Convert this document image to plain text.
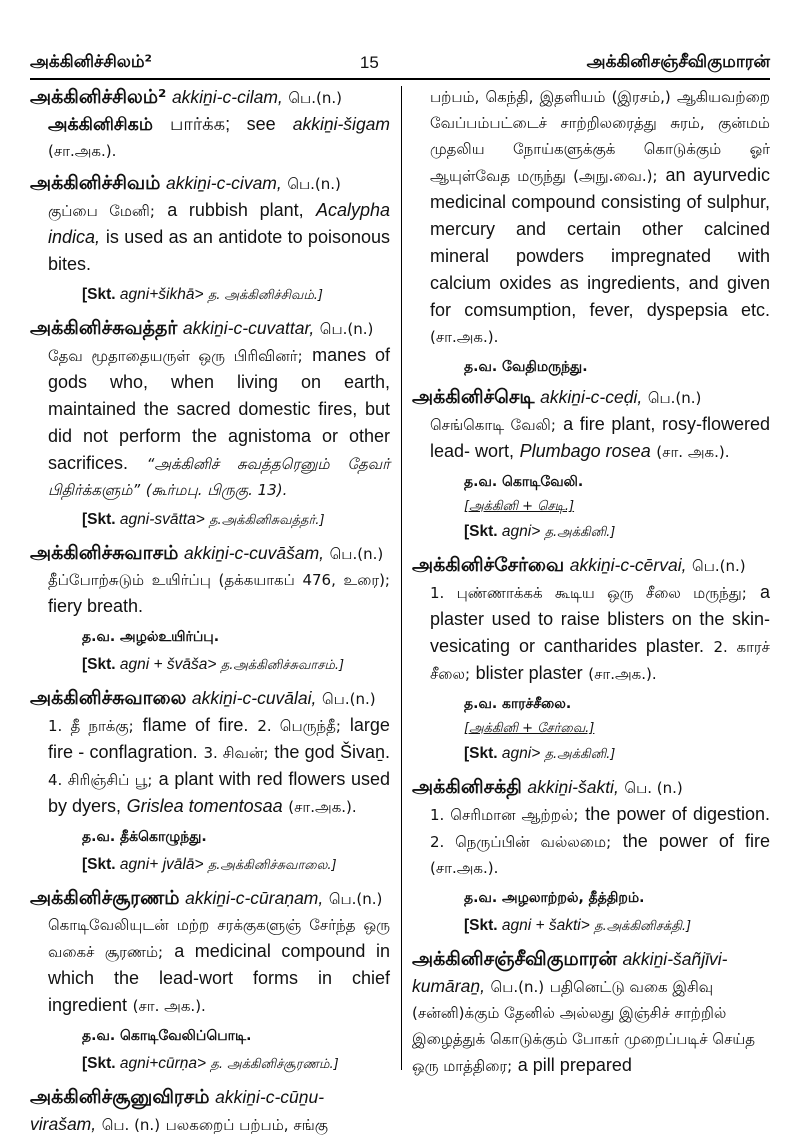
அக்கினிச்சிலம்²	15	அக்கினிசஞ்சீவிகுமாரன்
அக்கினிச்சிலம்² akkiṉi-c-cilam, பெ.(n.)
அக்கினிசிகம் பார்க்க; see akkiṉi-šigam (சா.அக.).
அக்கினிச்சிவம் akkiṉi-c-civam, பெ.(n.)
குப்பை மேனி; a rubbish plant, Acalypha indica, is used as an antidote to poisonous bites.
[Skt. agni+šikhā> த. அக்கினிச்சிவம்.]
அக்கினிச்சுவத்தர் akkiṉi-c-cuvattar, பெ.(n.)
தேவ மூதாதையருள் ஒரு பிரிவினர்; manes of gods who, when living on earth, maintained the sacred domestic fires, but did not perform the agnistoma or other sacrifices. “அக்கினிச் சுவத்தரெனும் தேவர் பிதிர்க்களும்” (கூர்மபு. பிருகு. 13).
[Skt. agni-svātta> த.அக்கினிசுவத்தர்.]
அக்கினிச்சுவாசம் akkiṉi-c-cuvāšam, பெ.(n.)
தீப்போற்சுடும் உயிர்ப்பு (தக்கயாகப் 476, உரை); fiery breath.
த.வ. அழல்உயிர்ப்பு.
[Skt. agni + švāša> த.அக்கினிச்சுவாசம்.]
அக்கினிச்சுவாலை akkiṉi-c-cuvālai, பெ.(n.)
1. தீ நாக்கு; flame of fire. 2. பெருந்தீ; large fire - conflagration. 3. சிவன்; the god Šivaṉ. 4. சிரிஞ்சிப் பூ; a plant with red flowers used by dyers, Grislea tomentosaa (சா.அக.).
த.வ. தீக்கொழுந்து.
[Skt. agni+ jvālā> த.அக்கினிச்சுவாலை.]
அக்கினிச்சூரணம் akkiṉi-c-cūraṇam, பெ.(n.)
கொடிவேலியுடன் மற்ற சரக்குகளுஞ் சேர்ந்த ஒரு வகைச் சூரணம்; a medicinal compound in which the lead-wort forms in chief ingredient (சா. அக.).
த.வ. கொடிவேலிப்பொடி.
[Skt. agni+cūrṇa> த. அக்கினிச்சூரணம்.]
அக்கினிச்சூனுவிரசம் akkiṉi-c-cūṉu-virašam, பெ. (n.) பலகறைப் பற்பம், சங்கு
பற்பம், கெந்தி, இதளியம் (இரசம்,) ஆகியவற்றை வேப்பம்பட்டைச் சாற்றிலரைத்து சுரம், குன்மம் முதலிய நோய்களுக்குக் கொடுக்கும் ஓர் ஆயுள்வேத மருந்து (அநு.வை.); an ayurvedic medicinal compound consisting of sulphur, mercury and certain other calcined mineral powders impregnated with calcium oxides as ingredients, and given for comsumption, fever, dyspepsia etc. (சா.அக.).
த.வ. வேதிமருந்து.
அக்கினிச்செடி akkiṉi-c-ceḍi, பெ.(n.)
செங்கொடி வேலி; a fire plant, rosy-flowered lead- wort, Plumbago rosea (சா. அக.).
த.வ. கொடிவேலி.
[அக்கினி + செடி.]
[Skt. agni> த.அக்கினி.]
அக்கினிச்சேர்வை akkiṉi-c-cērvai, பெ.(n.)
1. புண்ணாக்கக் கூடிய ஒரு சீலை மருந்து; a plaster used to raise blisters on the skin-vesicating or cantharides plaster. 2. காரச் சீலை; blister plaster (சா.அக.).
த.வ. காரச்சீலை.
[அக்கினி + சேர்வை.]
[Skt. agni> த.அக்கினி.]
அக்கினிசக்தி akkiṉi-šakti, பெ. (n.)
1. செரிமான ஆற்றல்; the power of digestion. 2. நெருப்பின் வல்லமை; the power of fire (சா.அக.).
த.வ. அழலாற்றல், தீத்திறம்.
[Skt. agni + šakti> த.அக்கினிசக்தி.]
அக்கினிசஞ்சீவிகுமாரன் akkiṉi-šañjīvi-kumāraṉ, பெ.(n.) பதினெட்டு வகை இசிவு (சன்னி)க்கும் தேனில் அல்லது இஞ்சிச் சாற்றில் இழைத்துக் கொடுக்கும் போகர் முறைப்படிச் செய்த ஒரு மாத்திரை; a pill prepared
